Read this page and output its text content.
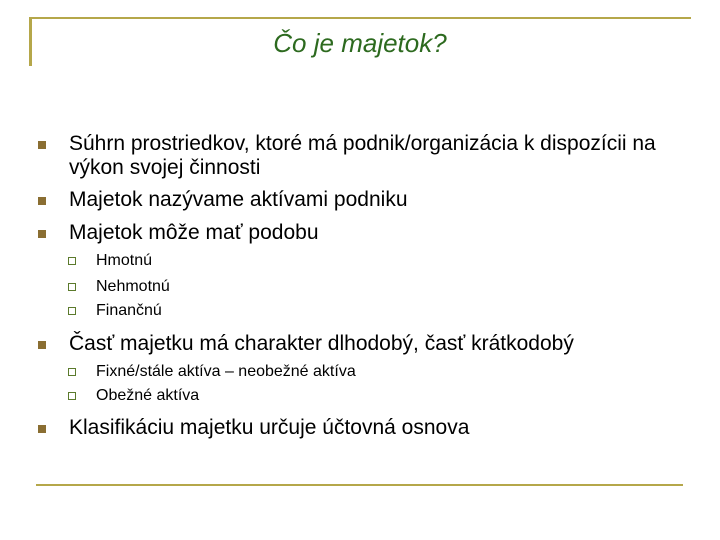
Čo je majetok?
Súhrn prostriedkov, ktoré má podnik/organizácia k dispozícii na výkon svojej činnosti
Majetok nazývame aktívami podniku
Majetok môže mať podobu
Hmotnú
Nehmotnú
Finančnú
Časť majetku má charakter dlhodobý, časť krátkodobý
Fixné/stále aktíva – neobežné aktíva
Obežné aktíva
Klasifikáciu majetku určuje účtovná osnova
